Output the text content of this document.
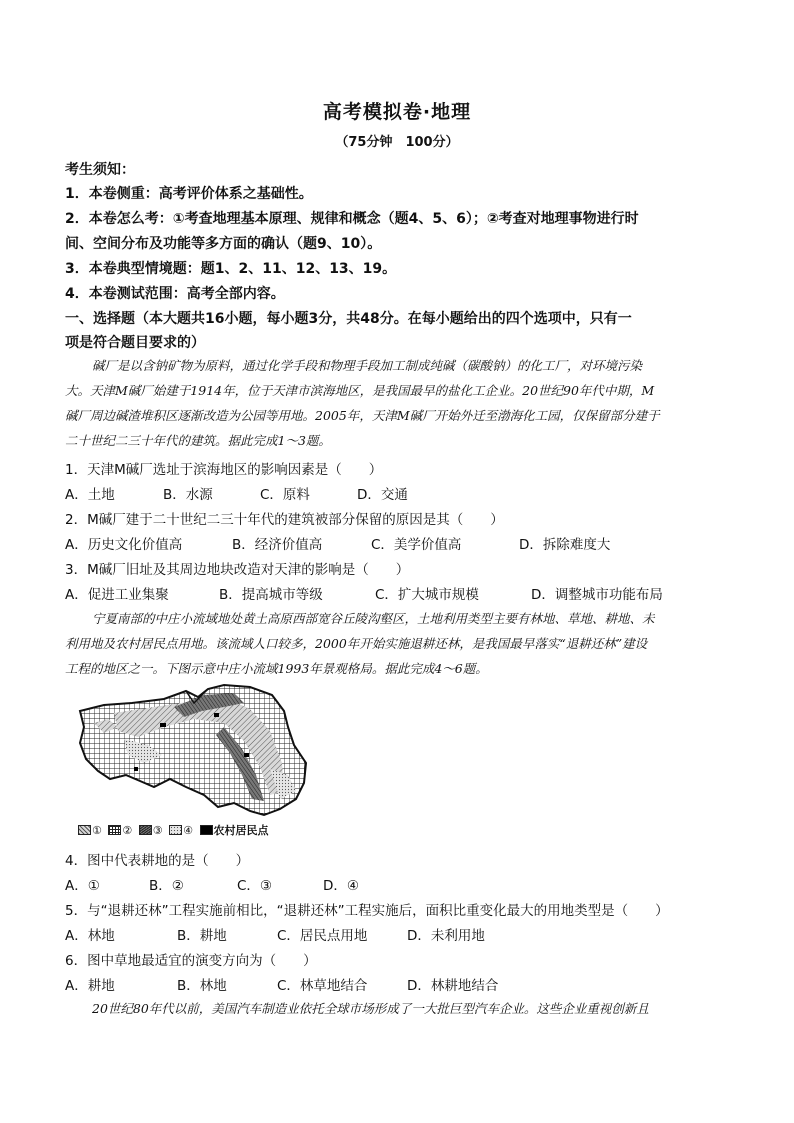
高考模拟卷·地理
（75分钟　100分）
考生须知：
1．本卷侧重：高考评价体系之基础性。
2．本卷怎么考：①考查地理基本原理、规律和概念（题4、5、6）；②考查对地理事物进行时
间、空间分布及功能等多方面的确认（题9、10）。
3．本卷典型情境题：题1、2、11、12、13、19。
4．本卷测试范围：高考全部内容。
一、选择题（本大题共16小题，每小题3分，共48分。在每小题给出的四个选项中，只有一
项是符合题目要求的）
碱厂是以含钠矿物为原料，通过化学手段和物理手段加工制成纯碱（碳酸钠）的化工厂，对环境污染
大。天津M碱厂始建于1914年，位于天津市滨海地区，是我国最早的盐化工企业。20世纪90年代中期，M
碱厂周边碱渣堆积区逐渐改造为公园等用地。2005年，天津M碱厂开始外迁至渤海化工园，仅保留部分建于
二十世纪二三十年代的建筑。据此完成1～3题。
1．天津M碱厂选址于滨海地区的影响因素是（　　）
A．土地	B．水源	C．原料	D．交通
2．M碱厂建于二十世纪二三十年代的建筑被部分保留的原因是其（　　）
A．历史文化价值高	B．经济价值高	C．美学价值高	D．拆除难度大
3．M碱厂旧址及其周边地块改造对天津的影响是（　　）
A．促进工业集聚	B．提高城市等级	C．扩大城市规模	D．调整城市功能布局
宁夏南部的中庄小流域地处黄土高原西部宽谷丘陵沟壑区，土地利用类型主要有林地、草地、耕地、未
利用地及农村居民点用地。该流域人口较多，2000年开始实施退耕还林，是我国最早落实“退耕还林”建设
工程的地区之一。下图示意中庄小流域1993年景观格局。据此完成4～6题。
① ② ③ ④ 农村居民点
4．图中代表耕地的是（　　）
A．①	B．②	C．③	D．④
5．与“退耕还林”工程实施前相比，“退耕还林”工程实施后，面积比重变化最大的用地类型是（　　）
A．林地	B．耕地	C．居民点用地	D．未利用地
6．图中草地最适宜的演变方向为（　　）
A．耕地	B．林地	C．林草地结合	D．林耕地结合
20世纪80年代以前，美国汽车制造业依托全球市场形成了一大批巨型汽车企业。这些企业重视创新且
